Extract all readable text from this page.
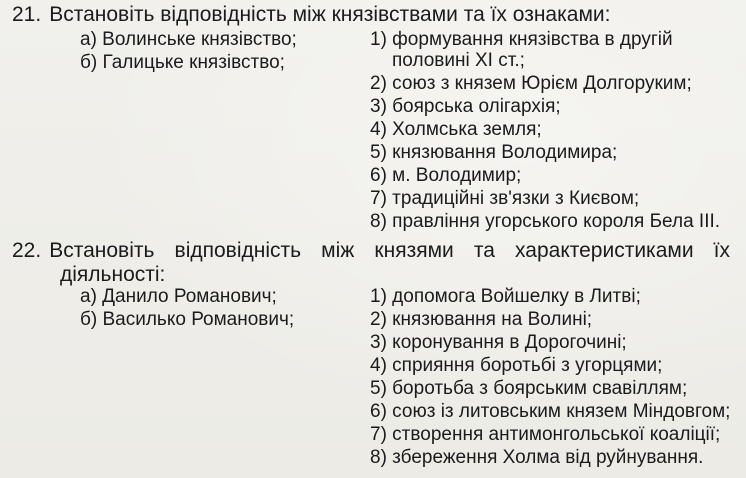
21. Встановіть відповідність між князівствами та їх ознаками:
а) Волинське князівство;
б) Галицьке князівство;
1) формування князівства в другій
половині XI ст.;
2) союз з князем Юрієм Долгоруким;
3) боярська олігархія;
4) Холмська земля;
5) князювання Володимира;
6) м. Володимир;
7) традиційні зв'язки з Києвом;
8) правління угорського короля Бела III.
22. Встановіть відповідність між князями та характеристиками їх
діяльності:
а) Данило Романович;
б) Василько Романович;
1) допомога Войшелку в Литві;
2) князювання на Волині;
3) коронування в Дорогочині;
4) сприяння боротьбі з угорцями;
5) боротьба з боярським свавіллям;
6) союз із литовським князем Міндовгом;
7) створення антимонгольської коаліції;
8) збереження Холма від руйнування.
